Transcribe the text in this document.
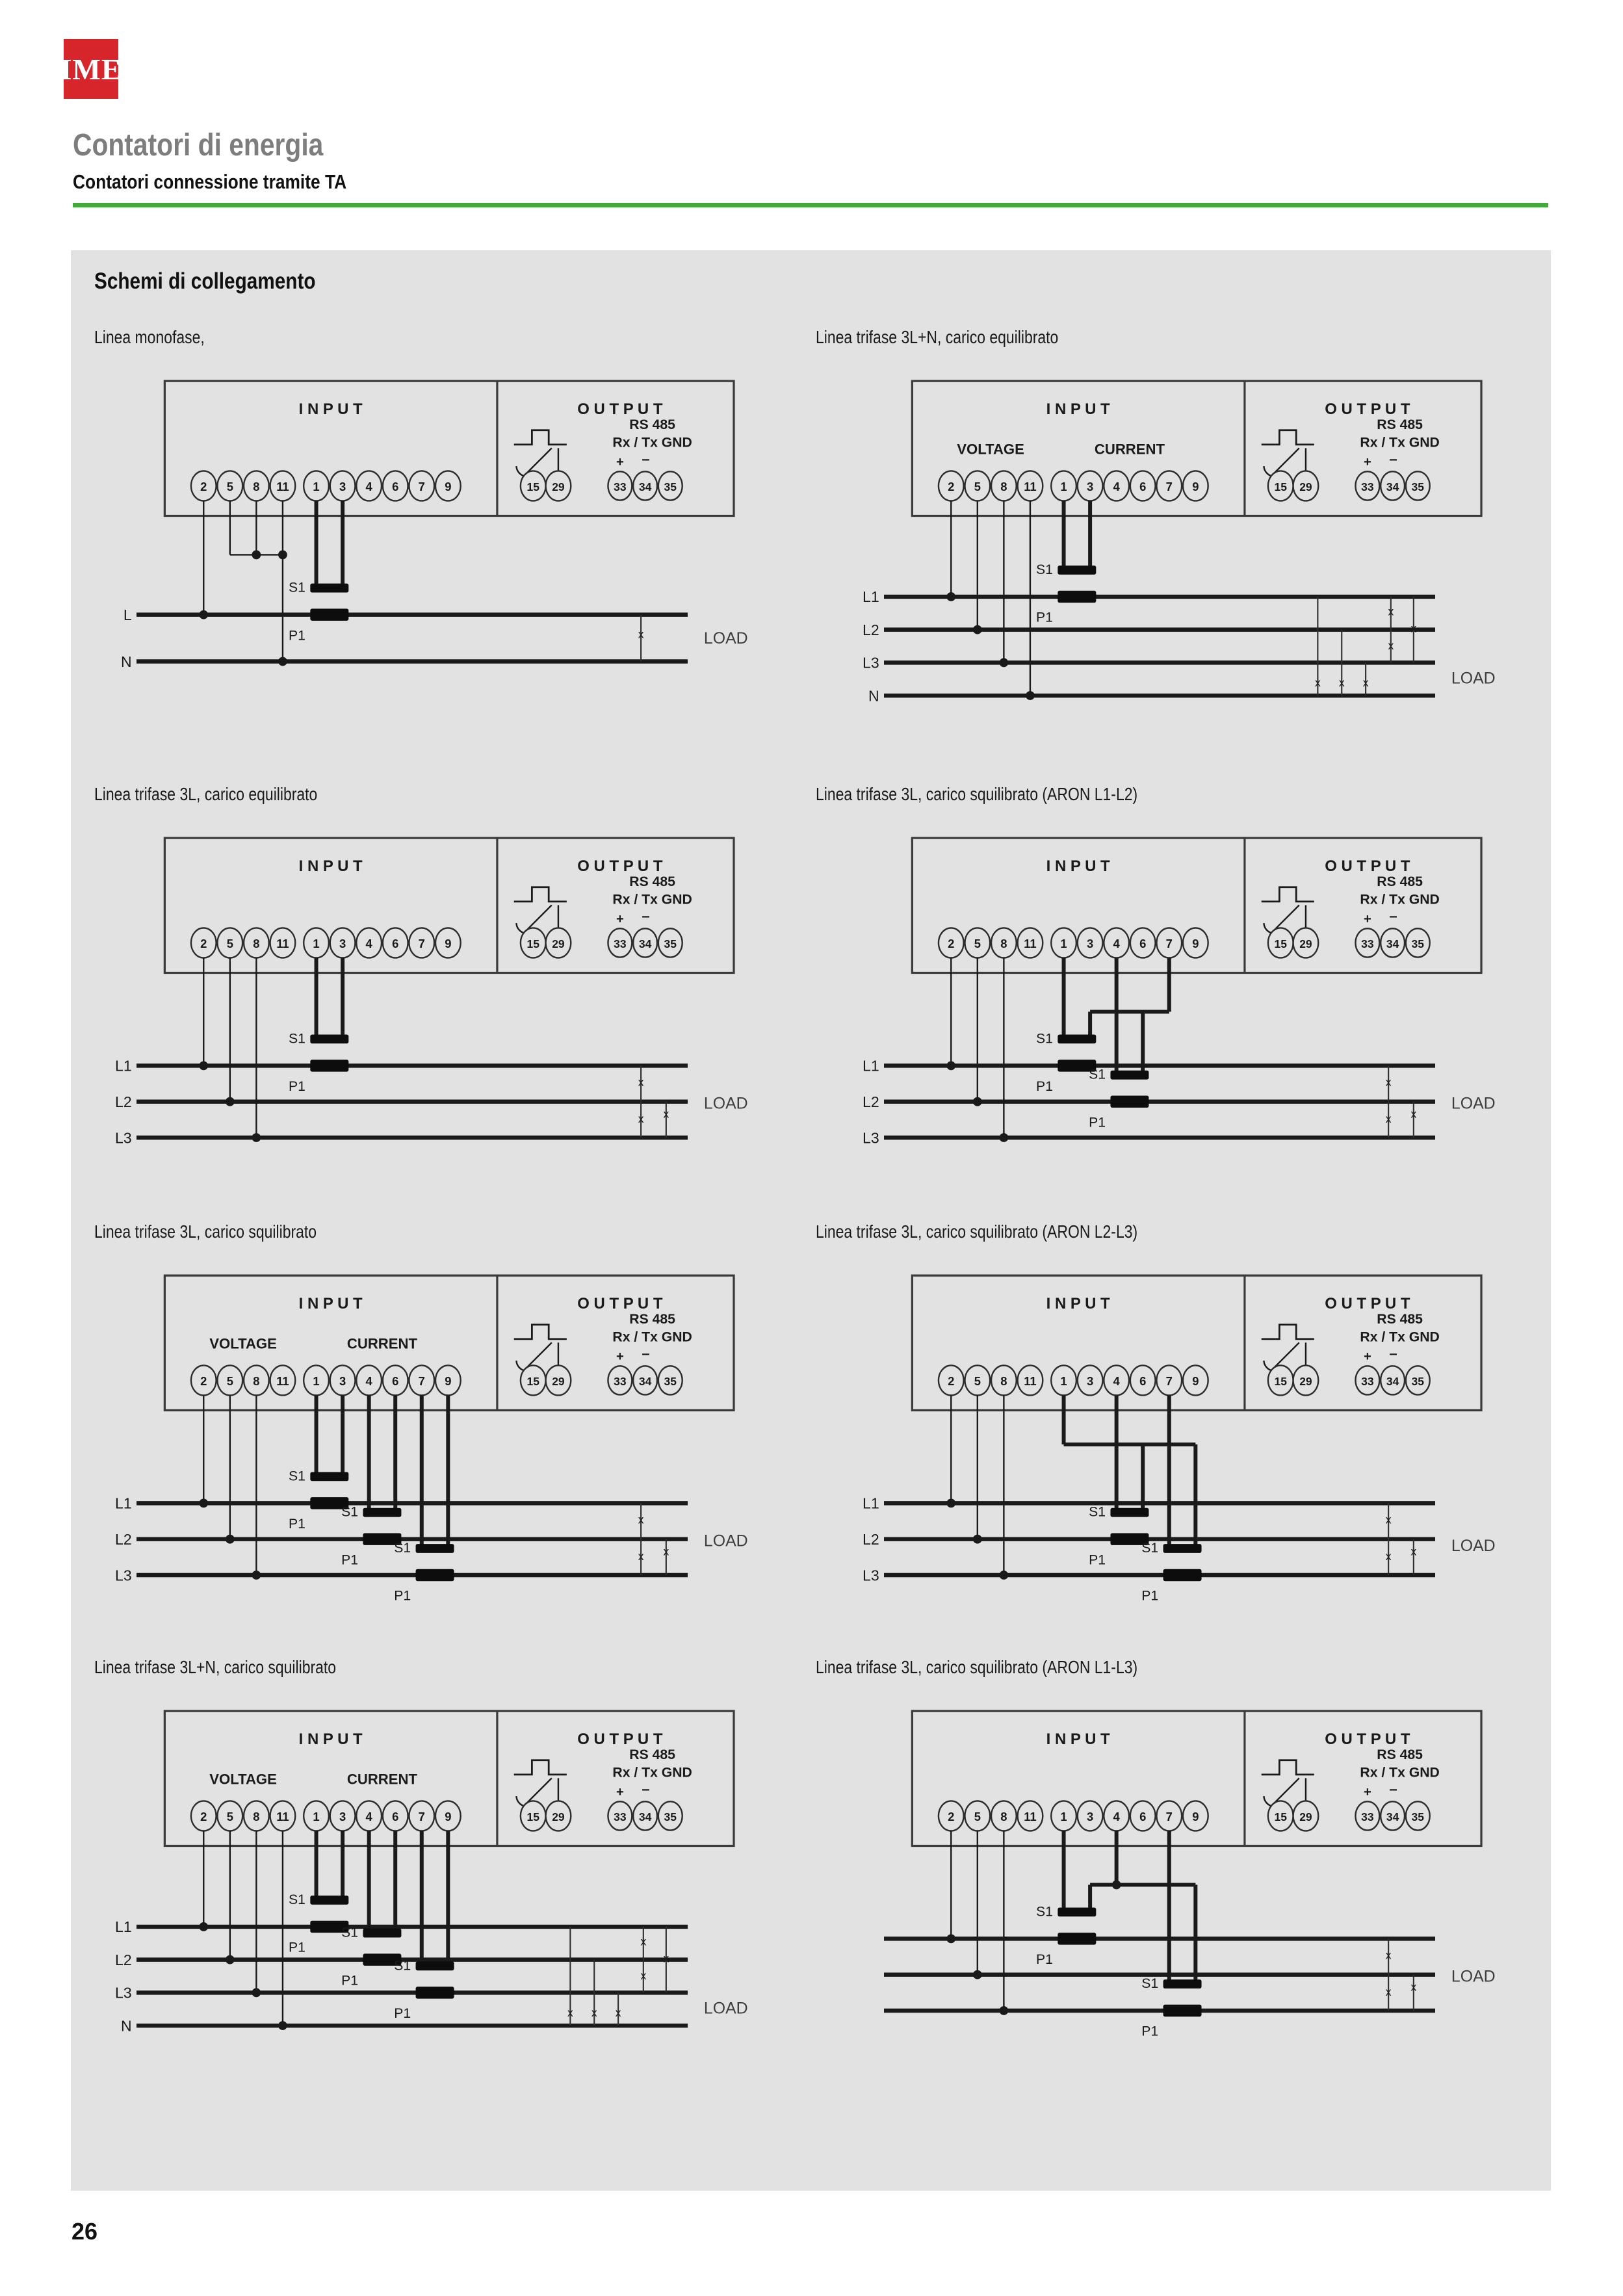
IME
Contatori di energia
Contatori connessione tramite TA
Schemi di collegamento
Linea monofase,
I N P U T	O U T P U T
RS 485
Rx / Tx GND
+ –
2 5 8 11 1 3 4 6 7 9	15 29	33 34 35
L
N
x
S1
P1	LOAD
Linea trifase 3L+N, carico equilibrato
I N P U T
VOLTAGE	CURRENT
O U T P U T
RS 485
Rx / Tx GND
+ –
2 5 8 11 1 3 4 6 7 9	15 29	33 34 35
L1
L2
L3
N
x x x
x
x
x
S1
P1
LOAD
Linea trifase 3L, carico equilibrato
I N P U T	O U T P U T
RS 485
Rx / Tx GND
+ –
2 5 8 11 1 3 4 6 7 9	15 29	33 34 35
L1
L2
L3
x
x x
S1
P1
LOAD
Linea trifase 3L, carico squilibrato (ARON L1-L2)
I N P U T	O U T P U T
RS 485
Rx / Tx GND
+ –
2 5 8 11 1 3 4 6 7 9	15 29	33 34 35
L1
L2
L3
x
x x
S1
P1
S1
P1
LOAD
Linea trifase 3L, carico squilibrato
I N P U T
VOLTAGE	CURRENT
O U T P U T
RS 485
Rx / Tx GND
+ –
2 5 8 11 1 3 4 6 7 9	15 29	33 34 35
L1
L2
L3
x
x x
S1
P1
S1
P1
S1
P1
LOAD
Linea trifase 3L, carico squilibrato (ARON L2-L3)
I N P U T	O U T P U T
RS 485
Rx / Tx GND
+ –
2 5 8 11 1 3 4 6 7 9	15 29	33 34 35
L1
L2
L3
x
x x
S1
P1
S1
P1
LOAD
Linea trifase 3L+N, carico squilibrato
I N P U T
VOLTAGE	CURRENT
O U T P U T
RS 485
Rx / Tx GND
+ –
2 5 8 11 1 3 4 6 7 9	15 29	33 34 35
L1
L2
L3
N
x x x
x
x
x
S1
P1
S1
P1
S1
P1	LOAD
Linea trifase 3L, carico squilibrato (ARON L1-L3)
I N P U T	O U T P U T
RS 485
Rx / Tx GND
+ –
2 5 8 11 1 3 4 6 7 9	15 29	33 34 35
x
x x
S1
P1
S1
P1
LOAD
26
